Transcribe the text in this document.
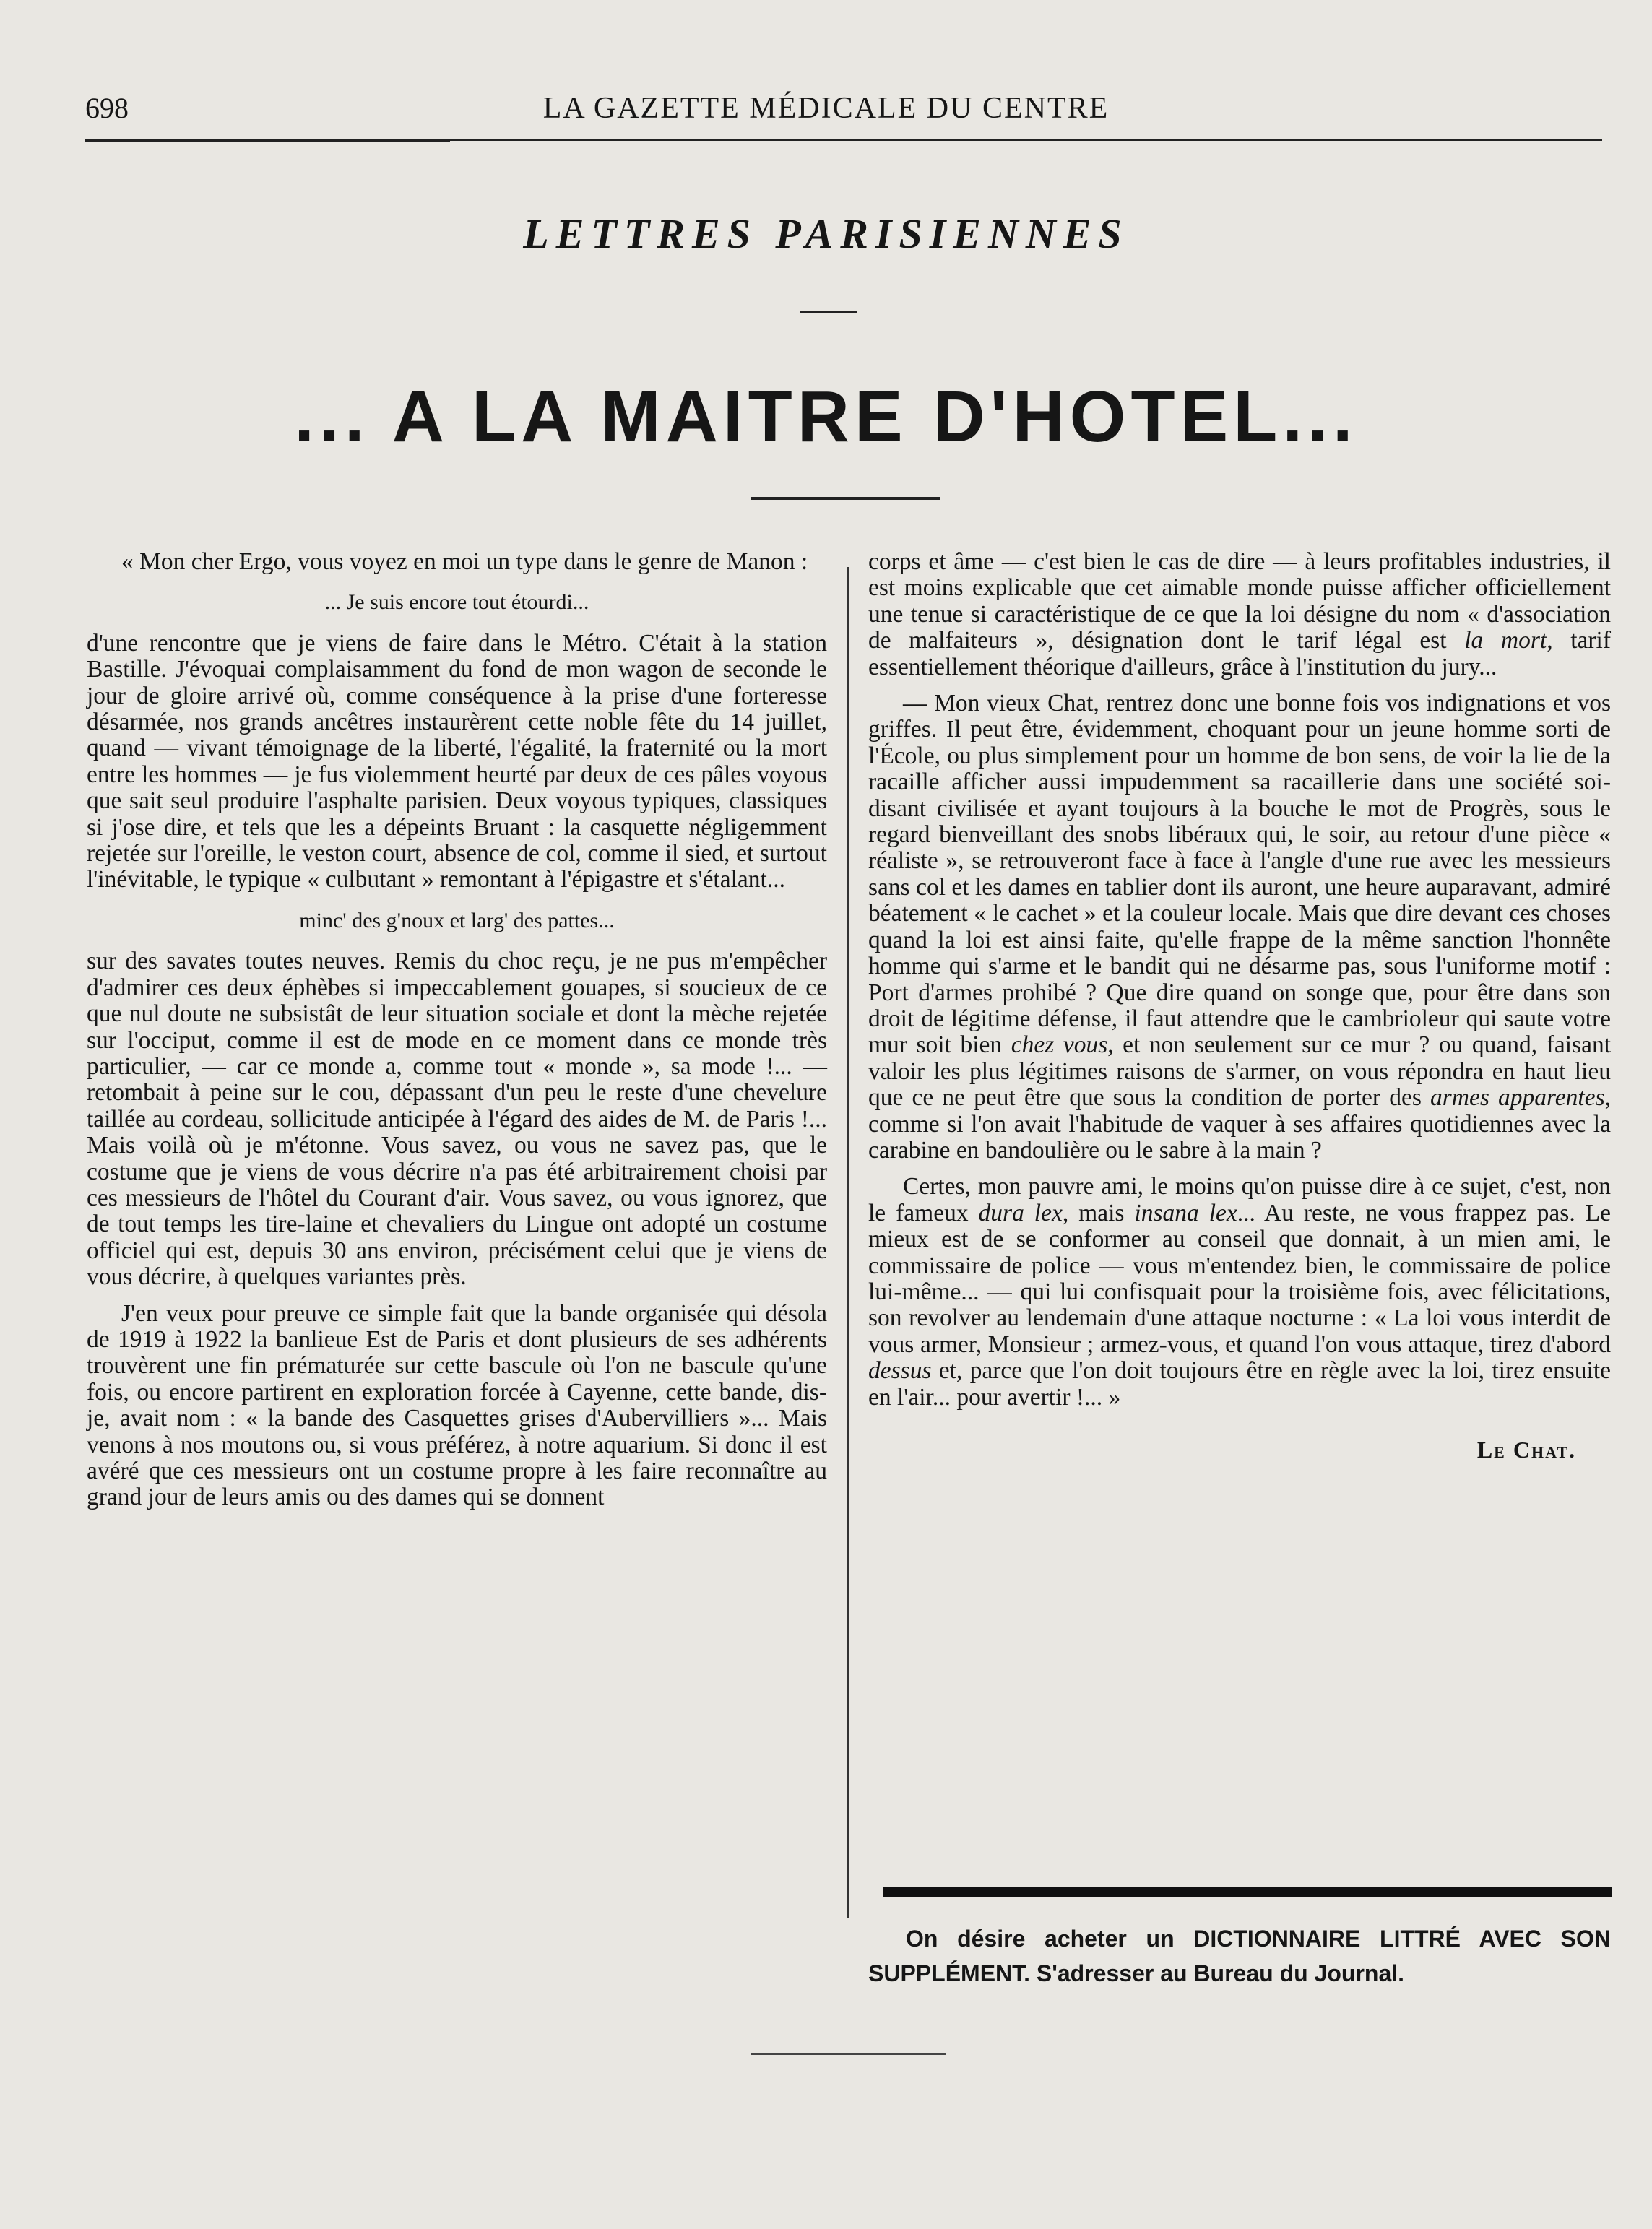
698	LA GAZETTE MÉDICALE DU CENTRE
LETTRES PARISIENNES
... A LA MAITRE D'HOTEL...

« Mon cher Ergo, vous voyez en moi un type dans le genre de Manon :

... Je suis encore tout étourdi...

d'une rencontre que je viens de faire dans le Métro. C'était à la station Bastille. J'évoquai complaisamment du fond de mon wagon de seconde le jour de gloire arrivé où, comme conséquence à la prise d'une forteresse désarmée, nos grands ancêtres instaurèrent cette noble fête du 14 juillet, quand — vivant témoignage de la liberté, l'égalité, la fraternité ou la mort entre les hommes — je fus violemment heurté par deux de ces pâles voyous que sait seul produire l'asphalte parisien. Deux voyous typiques, classiques si j'ose dire, et tels que les a dépeints Bruant : la casquette négligemment rejetée sur l'oreille, le veston court, absence de col, comme il sied, et surtout l'inévitable, le typique « culbutant » remontant à l'épigastre et s'étalant...

minc' des g'noux et larg' des pattes...

sur des savates toutes neuves. Remis du choc reçu, je ne pus m'empêcher d'admirer ces deux éphèbes si impeccablement gouapes, si soucieux de ce que nul doute ne subsistât de leur situation sociale et dont la mèche rejetée sur l'occiput, comme il est de mode en ce moment dans ce monde très particulier, — car ce monde a, comme tout « monde », sa mode !... — retombait à peine sur le cou, dépassant d'un peu le reste d'une chevelure taillée au cordeau, sollicitude anticipée à l'égard des aides de M. de Paris !... Mais voilà où je m'étonne. Vous savez, ou vous ne savez pas, que le costume que je viens de vous décrire n'a pas été arbitrairement choisi par ces messieurs de l'hôtel du Courant d'air. Vous savez, ou vous ignorez, que de tout temps les tire-laine et chevaliers du Lingue ont adopté un costume officiel qui est, depuis 30 ans environ, précisément celui que je viens de vous décrire, à quelques variantes près.

J'en veux pour preuve ce simple fait que la bande organisée qui désola de 1919 à 1922 la banlieue Est de Paris et dont plusieurs de ses adhérents trouvèrent une fin prématurée sur cette bascule où l'on ne bascule qu'une fois, ou encore partirent en exploration forcée à Cayenne, cette bande, dis-je, avait nom : « la bande des Casquettes grises d'Aubervilliers »... Mais venons à nos moutons ou, si vous préférez, à notre aquarium. Si donc il est avéré que ces messieurs ont un costume propre à les faire reconnaître au grand jour de leurs amis ou des dames qui se donnent

corps et âme — c'est bien le cas de dire — à leurs profitables industries, il est moins explicable que cet aimable monde puisse afficher officiellement une tenue si caractéristique de ce que la loi désigne du nom « d'association de malfaiteurs », désignation dont le tarif légal est la mort, tarif essentiellement théorique d'ailleurs, grâce à l'institution du jury...

— Mon vieux Chat, rentrez donc une bonne fois vos indignations et vos griffes. Il peut être, évidemment, choquant pour un jeune homme sorti de l'École, ou plus simplement pour un homme de bon sens, de voir la lie de la racaille afficher aussi impudemment sa racaillerie dans une société soi-disant civilisée et ayant toujours à la bouche le mot de Progrès, sous le regard bienveillant des snobs libéraux qui, le soir, au retour d'une pièce « réaliste », se retrouveront face à face à l'angle d'une rue avec les messieurs sans col et les dames en tablier dont ils auront, une heure auparavant, admiré béatement « le cachet » et la couleur locale. Mais que dire devant ces choses quand la loi est ainsi faite, qu'elle frappe de la même sanction l'honnête homme qui s'arme et le bandit qui ne désarme pas, sous l'uniforme motif : Port d'armes prohibé ? Que dire quand on songe que, pour être dans son droit de légitime défense, il faut attendre que le cambrioleur qui saute votre mur soit bien chez vous, et non seulement sur ce mur ? ou quand, faisant valoir les plus légitimes raisons de s'armer, on vous répondra en haut lieu que ce ne peut être que sous la condition de porter des armes apparentes, comme si l'on avait l'habitude de vaquer à ses affaires quotidiennes avec la carabine en bandoulière ou le sabre à la main ?

Certes, mon pauvre ami, le moins qu'on puisse dire à ce sujet, c'est, non le fameux dura lex, mais insana lex... Au reste, ne vous frappez pas. Le mieux est de se conformer au conseil que donnait, à un mien ami, le commissaire de police — vous m'entendez bien, le commissaire de police lui-même... — qui lui confisquait pour la troisième fois, avec félicitations, son revolver au lendemain d'une attaque nocturne : « La loi vous interdit de vous armer, Monsieur ; armez-vous, et quand l'on vous attaque, tirez d'abord dessus et, parce que l'on doit toujours être en règle avec la loi, tirez ensuite en l'air... pour avertir !... »

Le Chat.
On désire acheter un DICTIONNAIRE LITTRÉ AVEC SON SUPPLÉMENT. S'adresser au Bureau du Journal.
